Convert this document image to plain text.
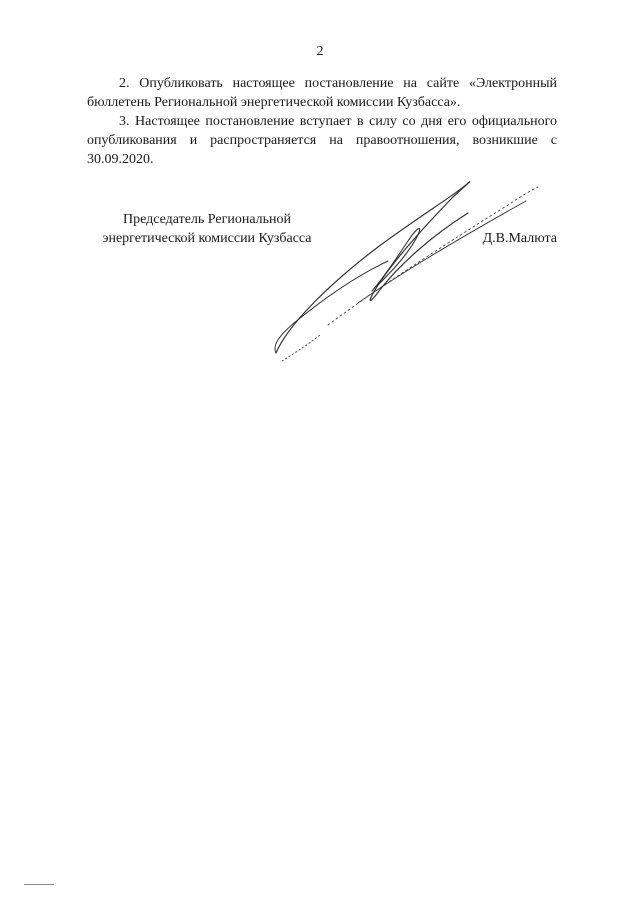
2

2. Опубликовать настоящее постановление на сайте «Электронный бюллетень Региональной энергетической комиссии Кузбасса».

3. Настоящее постановление вступает в силу со дня его официального опубликования и распространяется на правоотношения, возникшие с 30.09.2020.

Председатель Региональной
энергетической комиссии Кузбасса	Д.В.Малюта
